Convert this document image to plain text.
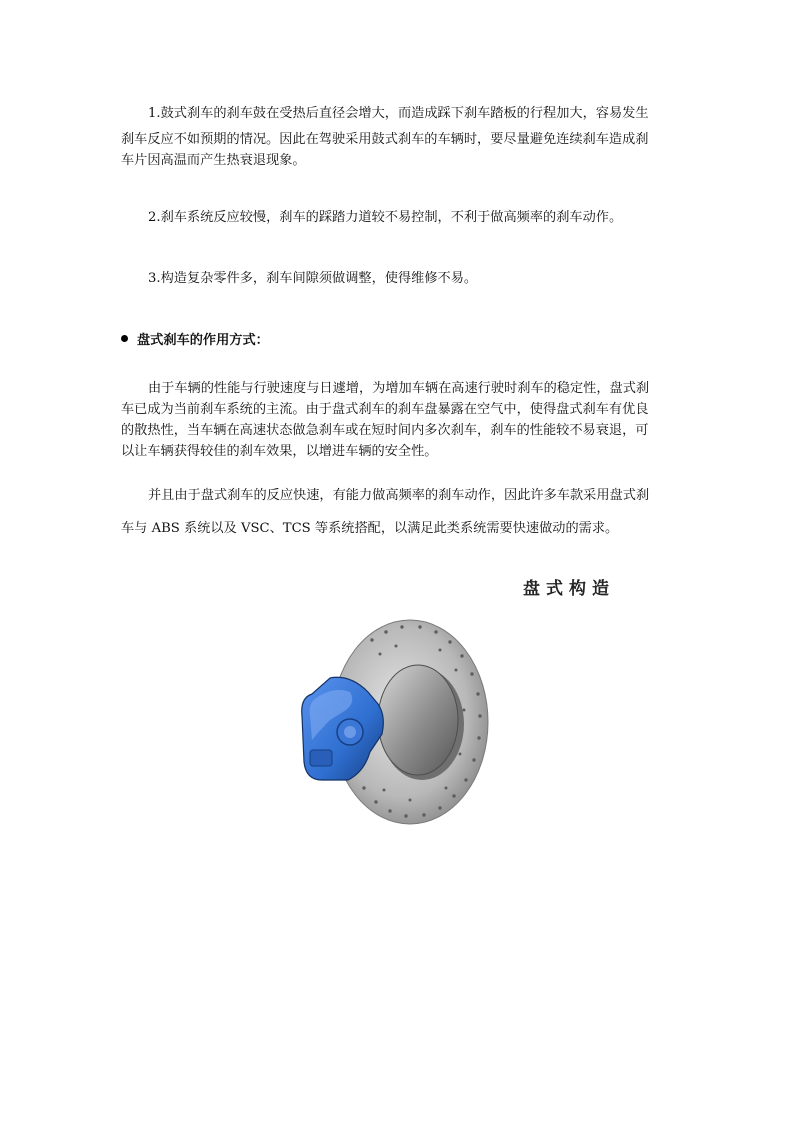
1.鼓式刹车的刹车鼓在受热后直径会增大，而造成踩下刹车踏板的行程加大，容易发生
刹车反应不如预期的情况。因此在驾驶采用鼓式刹车的车辆时，要尽量避免连续刹车造成刹
车片因高温而产生热衰退现象。

2.刹车系统反应较慢，刹车的踩踏力道较不易控制，不利于做高频率的刹车动作。

3.构造复杂零件多，刹车间隙须做调整，使得维修不易。

盘式刹车的作用方式：

由于车辆的性能与行驶速度与日遽增，为增加车辆在高速行驶时刹车的稳定性，盘式刹
车已成为当前刹车系统的主流。由于盘式刹车的刹车盘暴露在空气中，使得盘式刹车有优良
的散热性，当车辆在高速状态做急刹车或在短时间内多次刹车，刹车的性能较不易衰退，可
以让车辆获得较佳的刹车效果，以增进车辆的安全性。

并且由于盘式刹车的反应快速，有能力做高频率的刹车动作，因此许多车款采用盘式刹
车与 ABS 系统以及 VSC、TCS 等系统搭配，以满足此类系统需要快速做动的需求。

盘式构造
